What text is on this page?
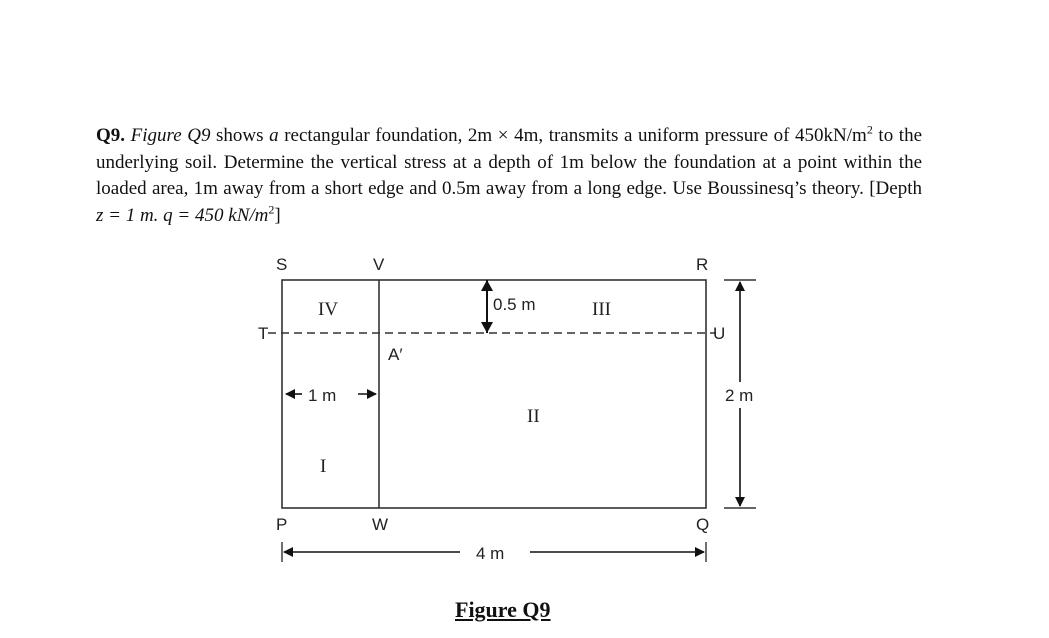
Q9. Figure Q9 shows a rectangular foundation, 2m × 4m, transmits a uniform pressure of $450kN/m^2$ to the underlying soil. Determine the vertical stress at a depth of 1m below the foundation at a point within the loaded area, 1m away from a short edge and 0.5m away from a long edge. Use Boussinesq’s theory. [Depth z = 1 m. q = 450 $kN/m^2$]
S	V	R
T	U
A′
P	W	Q
0.5 m
1 m	2 m
4 m
IV	III
II
I
Figure Q9
